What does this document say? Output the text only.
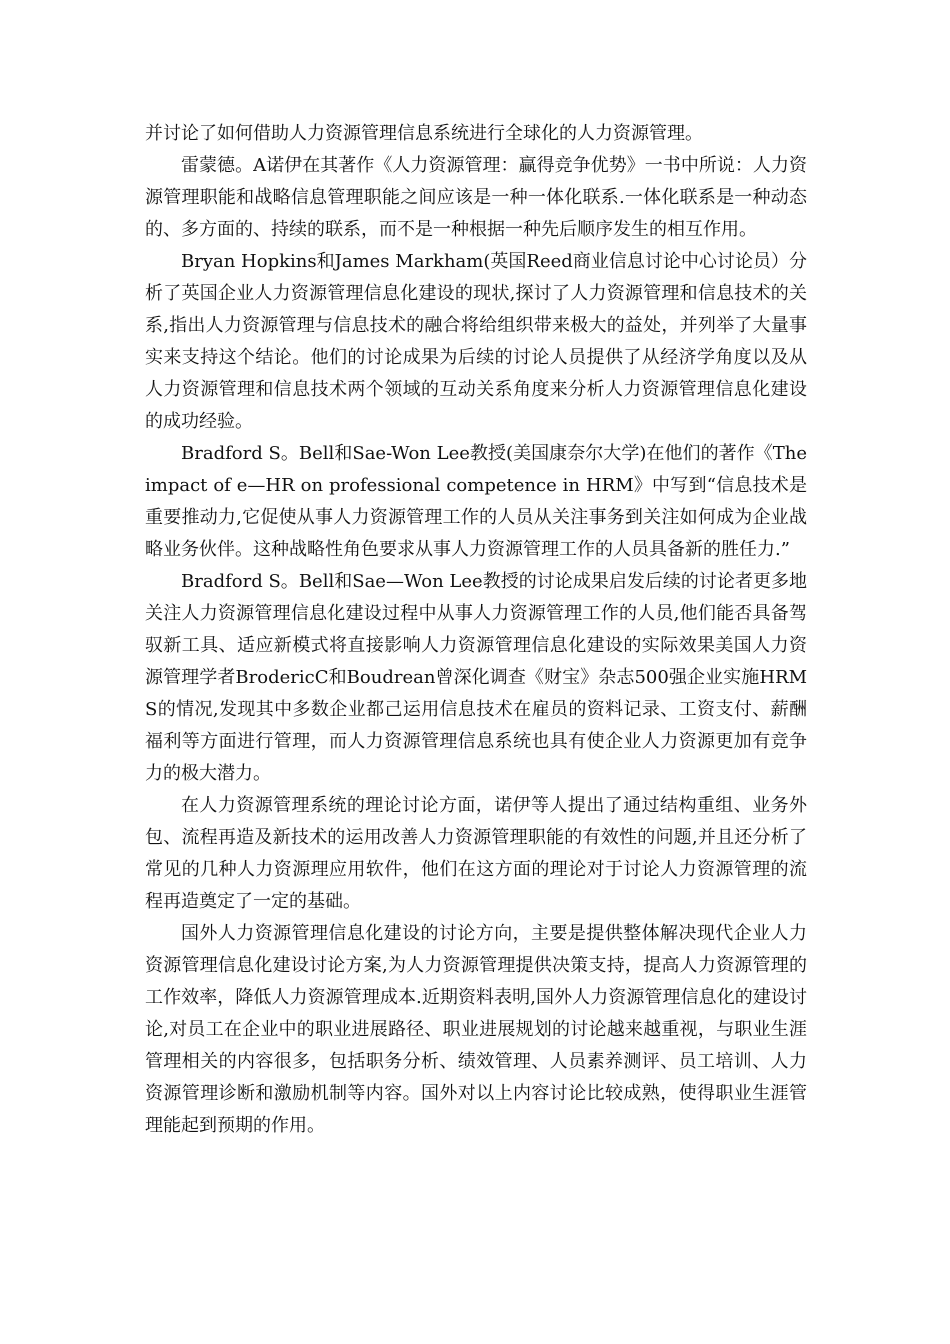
并讨论了如何借助人力资源管理信息系统进行全球化的人力资源管理。

雷蒙德。A诺伊在其著作《人力资源管理：赢得竞争优势》一书中所说：人力资源管理职能和战略信息管理职能之间应该是一种一体化联系.一体化联系是一种动态的、多方面的、持续的联系，而不是一种根据一种先后顺序发生的相互作用。

Bryan Hopkins和James Markham(英国Reed商业信息讨论中心讨论员）分析了英国企业人力资源管理信息化建设的现状,探讨了人力资源管理和信息技术的关系,指出人力资源管理与信息技术的融合将给组织带来极大的益处，并列举了大量事实来支持这个结论。他们的讨论成果为后续的讨论人员提供了从经济学角度以及从人力资源管理和信息技术两个领域的互动关系角度来分析人力资源管理信息化建设的成功经验。

Bradford S。Bell和Sae-Won Lee教授(美国康奈尔大学)在他们的著作《Theimpact of e—HR on professional competence in HRM》中写到“信息技术是重要推动力,它促使从事人力资源管理工作的人员从关注事务到关注如何成为企业战略业务伙伴。这种战略性角色要求从事人力资源管理工作的人员具备新的胜任力.”

Bradford S。Bell和Sae—Won Lee教授的讨论成果启发后续的讨论者更多地关注人力资源管理信息化建设过程中从事人力资源管理工作的人员,他们能否具备驾驭新工具、适应新模式将直接影响人力资源管理信息化建设的实际效果美国人力资源管理学者BrodericC和Boudrean曾深化调查《财宝》杂志500强企业实施HRMS的情况,发现其中多数企业都己运用信息技术在雇员的资料记录、工资支付、薪酬福利等方面进行管理，而人力资源管理信息系统也具有使企业人力资源更加有竞争力的极大潜力。

在人力资源管理系统的理论讨论方面，诺伊等人提出了通过结构重组、业务外包、流程再造及新技术的运用改善人力资源管理职能的有效性的问题,并且还分析了常见的几种人力资源理应用软件，他们在这方面的理论对于讨论人力资源管理的流程再造奠定了一定的基础。

国外人力资源管理信息化建设的讨论方向，主要是提供整体解决现代企业人力资源管理信息化建设讨论方案,为人力资源管理提供决策支持，提高人力资源管理的工作效率，降低人力资源管理成本.近期资料表明,国外人力资源管理信息化的建设讨论,对员工在企业中的职业进展路径、职业进展规划的讨论越来越重视，与职业生涯管理相关的内容很多，包括职务分析、绩效管理、人员素养测评、员工培训、人力资源管理诊断和激励机制等内容。国外对以上内容讨论比较成熟，使得职业生涯管理能起到预期的作用。
